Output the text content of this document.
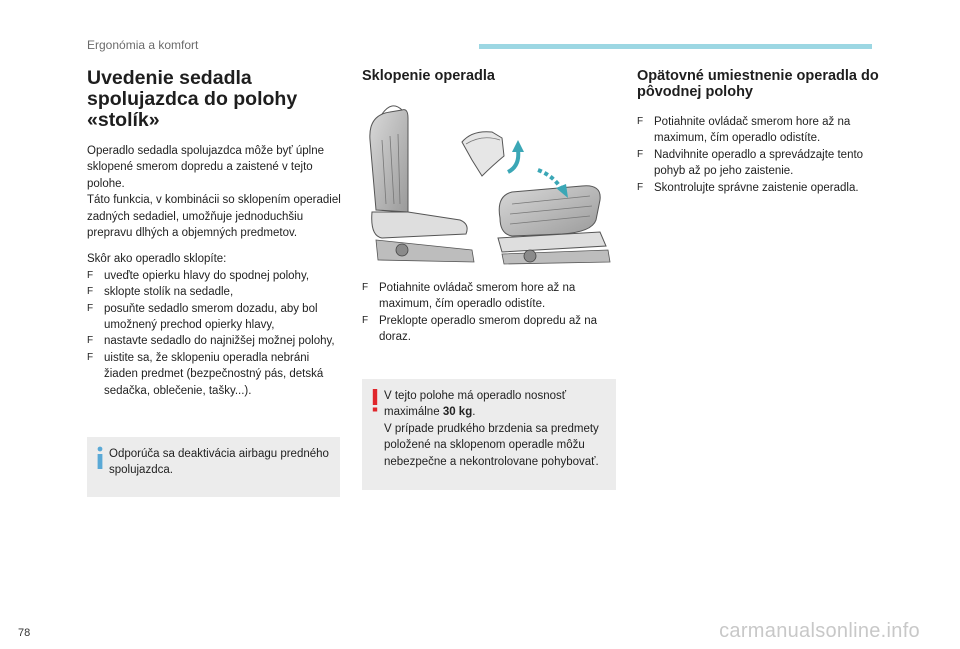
Ergonómia a komfort
Uvedenie sedadla spolujazdca do polohy «stolík»

Operadlo sedadla spolujazdca môže byť úplne sklopené smerom dopredu a zaistené v tejto polohe.

Táto funkcia, v kombinácii so sklopením operadiel zadných sedadiel, umožňuje jednoduchšiu prepravu dlhých a objemných predmetov.

Skôr ako operadlo sklopíte:

F uveďte opierku hlavy do spodnej polohy,
F sklopte stolík na sedadle,
F posuňte sedadlo smerom dozadu, aby bol umožnený prechod opierky hlavy,
F nastavte sedadlo do najnižšej možnej polohy,
F uistite sa, že sklopeniu operadla nebráni žiaden predmet (bezpečnostný pás, detská sedačka, oblečenie, tašky...).
Odporúča sa deaktivácia airbagu predného spolujazdca.
Sklopenie operadla
F Potiahnite ovládač smerom hore až na maximum, čím operadlo odistíte.
F Preklopte operadlo smerom dopredu až na doraz.
V tejto polohe má operadlo nosnosť maximálne 30 kg.
V prípade prudkého brzdenia sa predmety položené na sklopenom operadle môžu nebezpečne a nekontrolovane pohybovať.
Opätovné umiestnenie operadla do pôvodnej polohy
F Potiahnite ovládač smerom hore až na maximum, čím operadlo odistíte.
F Nadvihnite operadlo a sprevádzajte tento pohyb až po jeho zaistenie.
F Skontrolujte správne zaistenie operadla.
78	carmanualsonline.info
